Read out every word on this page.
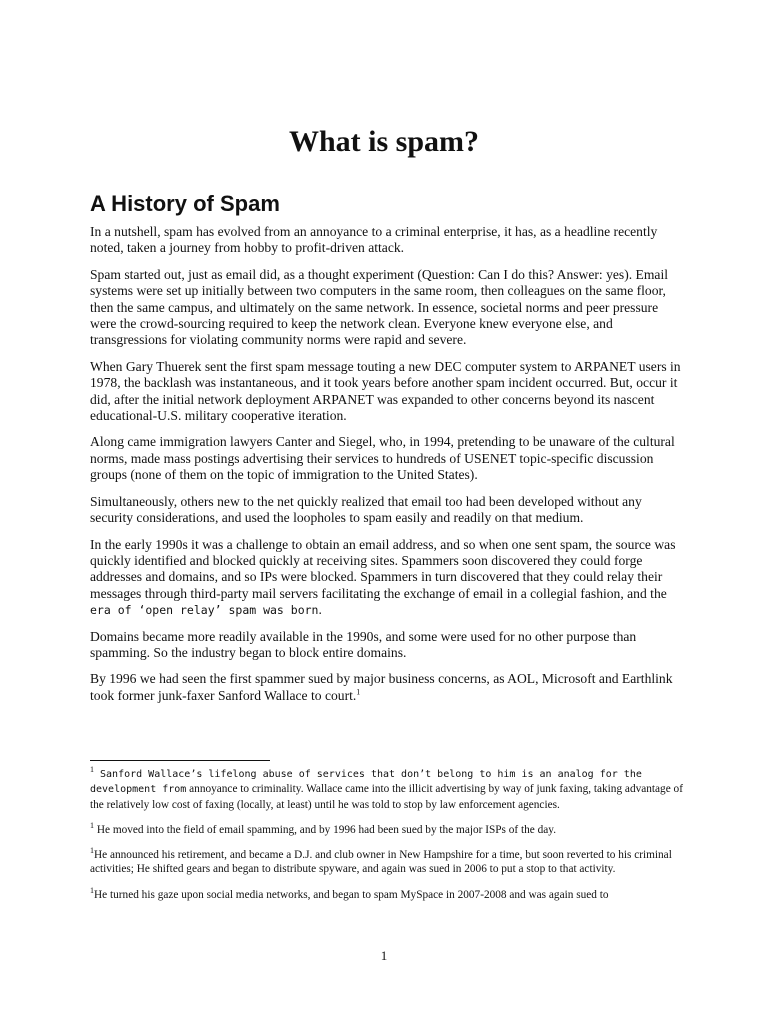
What is spam?
A History of Spam

In a nutshell, spam has evolved from an annoyance to a criminal enterprise, it has, as a headline recently noted, taken a journey from hobby to profit-driven attack.

Spam started out, just as email did, as a thought experiment (Question: Can I do this? Answer: yes). Email systems were set up initially between two computers in the same room, then colleagues on the same floor, then the same campus, and ultimately on the same network. In essence, societal norms and peer pressure were the crowd-sourcing required to keep the network clean. Everyone knew everyone else, and transgressions for violating community norms were rapid and severe.

When Gary Thuerek sent the first spam message touting a new DEC computer system to ARPANET users in 1978, the backlash was instantaneous, and it took years before another spam incident occurred. But, occur it did, after the initial network deployment ARPANET was expanded to other concerns beyond its nascent educational-U.S. military cooperative iteration.

Along came immigration lawyers Canter and Siegel, who, in 1994, pretending to be unaware of the cultural norms, made mass postings advertising their services to hundreds of USENET topic-specific discussion groups (none of them on the topic of immigration to the United States).

Simultaneously, others new to the net quickly realized that email too had been developed without any security considerations, and used the loopholes to spam easily and readily on that medium.

In the early 1990s it was a challenge to obtain an email address, and so when one sent spam, the source was quickly identified and blocked quickly at receiving sites. Spammers soon discovered they could forge addresses and domains, and so IPs were blocked. Spammers in turn discovered that they could relay their messages through third-party mail servers facilitating the exchange of email in a collegial fashion, and the era of ‘open relay’ spam was born.

Domains became more readily available in the 1990s, and some were used for no other purpose than spamming. So the industry began to block entire domains.

By 1996 we had seen the first spammer sued by major business concerns, as AOL, Microsoft and Earthlink took former junk-faxer Sanford Wallace to court.$^1$

$^1$ Sanford Wallace’s lifelong abuse of services that don’t belong to him is an analog for the development from annoyance to criminality. Wallace came into the illicit advertising by way of junk faxing, taking advantage of the relatively low cost of faxing (locally, at least) until he was told to stop by law enforcement agencies.
$^1$ He moved into the field of email spamming, and by 1996 had been sued by the major ISPs of the day.
$^1$He announced his retirement, and became a D.J. and club owner in New Hampshire for a time, but soon reverted to his criminal activities; He shifted gears and began to distribute spyware, and again was sued in 2006 to put a stop to that activity.
$^1$He turned his gaze upon social media networks, and began to spam MySpace in 2007-2008 and was again sued to
1
